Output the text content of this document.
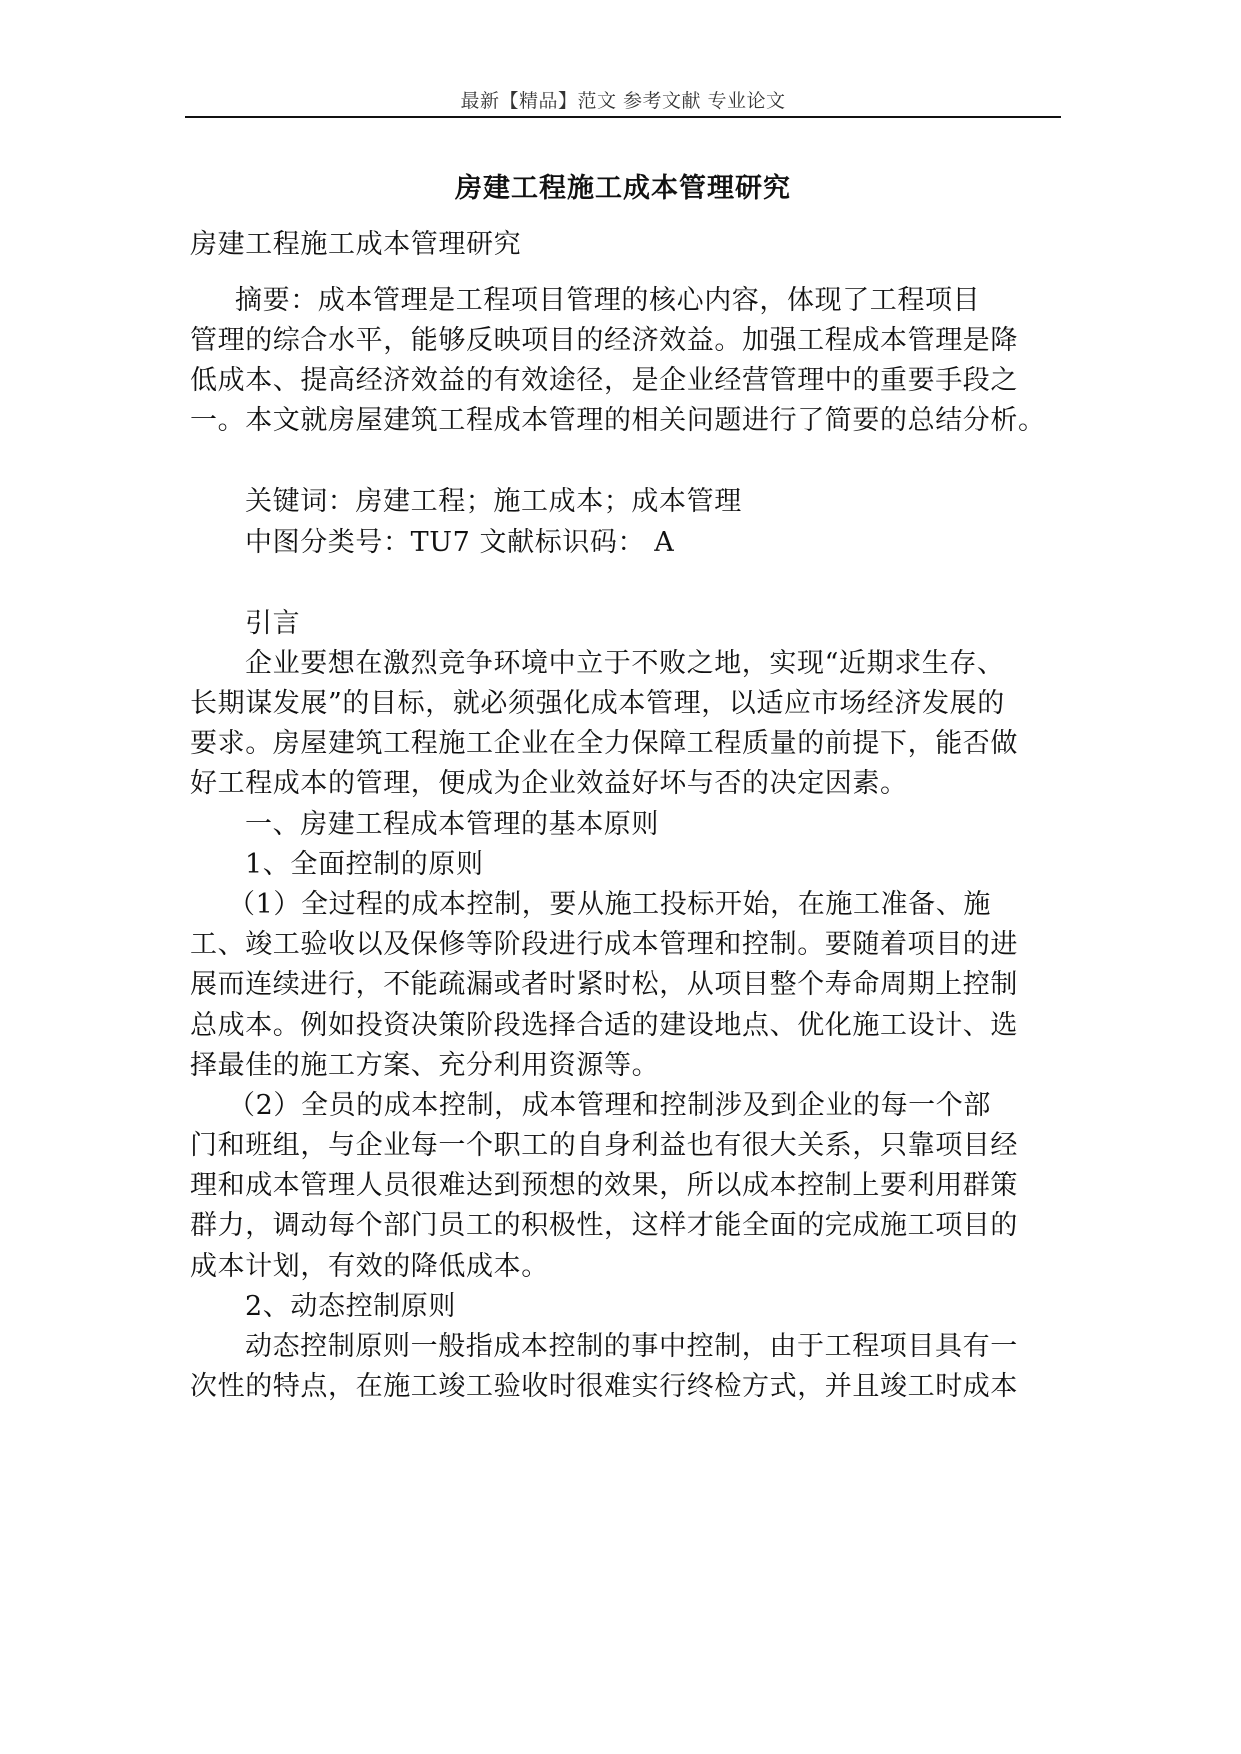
最新【精品】范文 参考文献 专业论文
房建工程施工成本管理研究
房建工程施工成本管理研究
摘要：成本管理是工程项目管理的核心内容，体现了工程项目
管理的综合水平，能够反映项目的经济效益。加强工程成本管理是降
低成本、提高经济效益的有效途径，是企业经营管理中的重要手段之
一。本文就房屋建筑工程成本管理的相关问题进行了简要的总结分析。
关键词：房建工程；施工成本；成本管理
中图分类号：TU7 文献标识码： A
引言
企业要想在激烈竞争环境中立于不败之地，实现“近期求生存、
长期谋发展”的目标，就必须强化成本管理，以适应市场经济发展的
要求。房屋建筑工程施工企业在全力保障工程质量的前提下，能否做
好工程成本的管理，便成为企业效益好坏与否的决定因素。
一、房建工程成本管理的基本原则
1、全面控制的原则
（1）全过程的成本控制，要从施工投标开始，在施工准备、施
工、竣工验收以及保修等阶段进行成本管理和控制。要随着项目的进
展而连续进行，不能疏漏或者时紧时松，从项目整个寿命周期上控制
总成本。例如投资决策阶段选择合适的建设地点、优化施工设计、选
择最佳的施工方案、充分利用资源等。
（2）全员的成本控制，成本管理和控制涉及到企业的每一个部
门和班组，与企业每一个职工的自身利益也有很大关系，只靠项目经
理和成本管理人员很难达到预想的效果，所以成本控制上要利用群策
群力，调动每个部门员工的积极性，这样才能全面的完成施工项目的
成本计划，有效的降低成本。
2、动态控制原则
动态控制原则一般指成本控制的事中控制，由于工程项目具有一
次性的特点，在施工竣工验收时很难实行终检方式，并且竣工时成本
